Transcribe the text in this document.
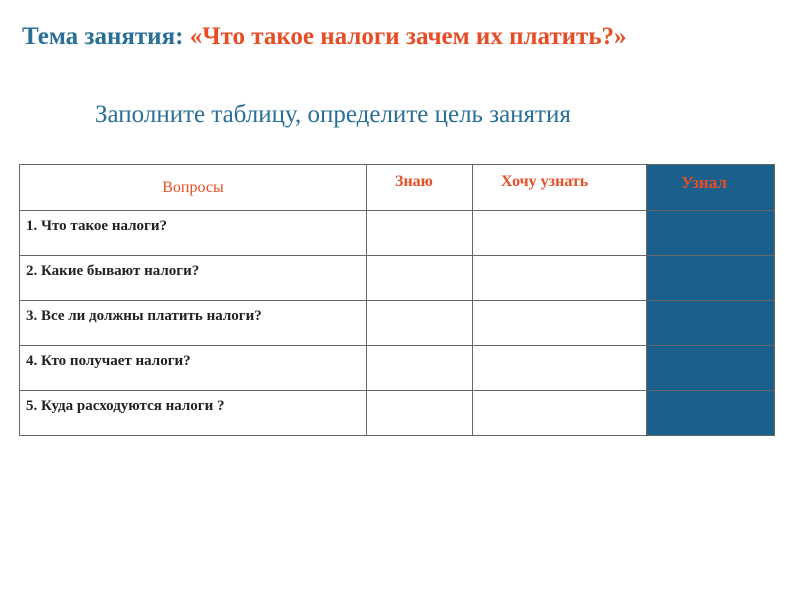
Тема занятия: «Что такое налоги зачем их платить?»
Заполните таблицу, определите цель занятия
Вопросы	Знаю	Хочу узнать	Узнал
1. Что такое налоги?			
2. Какие бывают налоги?			
3. Все ли должны платить налоги?			
4. Кто получает налоги?			
5. Куда расходуются налоги ?			
